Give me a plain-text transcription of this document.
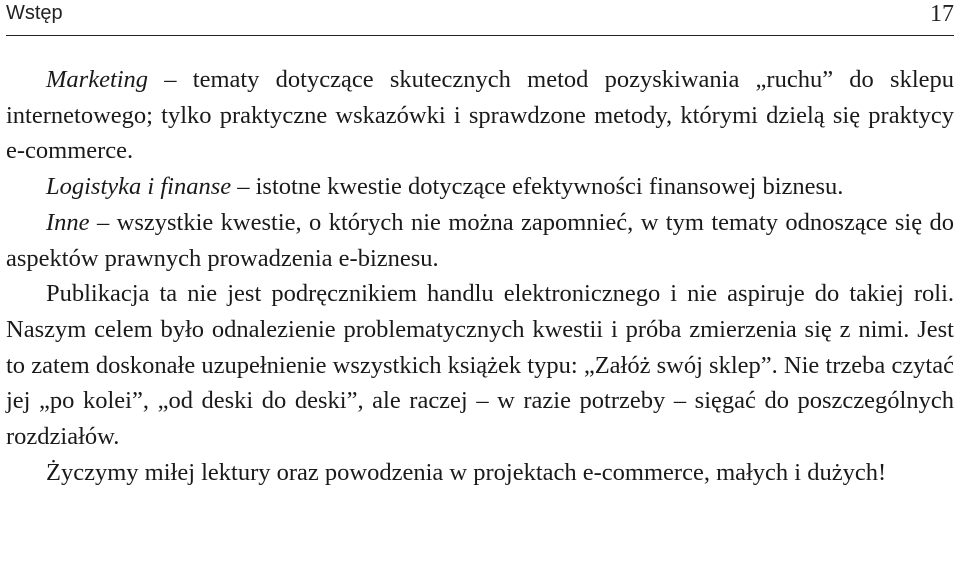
Wstęp	17

Marketing – tematy dotyczące skutecznych metod pozyskiwania „ruchu” do sklepu internetowego; tylko praktyczne wskazówki i sprawdzone metody, którymi dzielą się praktycy e-commerce.

Logistyka i finanse – istotne kwestie dotyczące efektywności finansowej biznesu.

Inne – wszystkie kwestie, o których nie można zapomnieć, w tym tematy odnoszące się do aspektów prawnych prowadzenia e-biznesu.

Publikacja ta nie jest podręcznikiem handlu elektronicznego i nie aspiruje do takiej roli. Naszym celem było odnalezienie problematycznych kwestii i próba zmierzenia się z nimi. Jest to zatem doskonałe uzupełnienie wszystkich książek typu: „Załóż swój sklep”. Nie trzeba czytać jej „po kolei”, „od deski do deski”, ale raczej – w razie potrzeby – sięgać do poszczególnych rozdziałów.

Życzymy miłej lektury oraz powodzenia w projektach e-commerce, małych i dużych!
